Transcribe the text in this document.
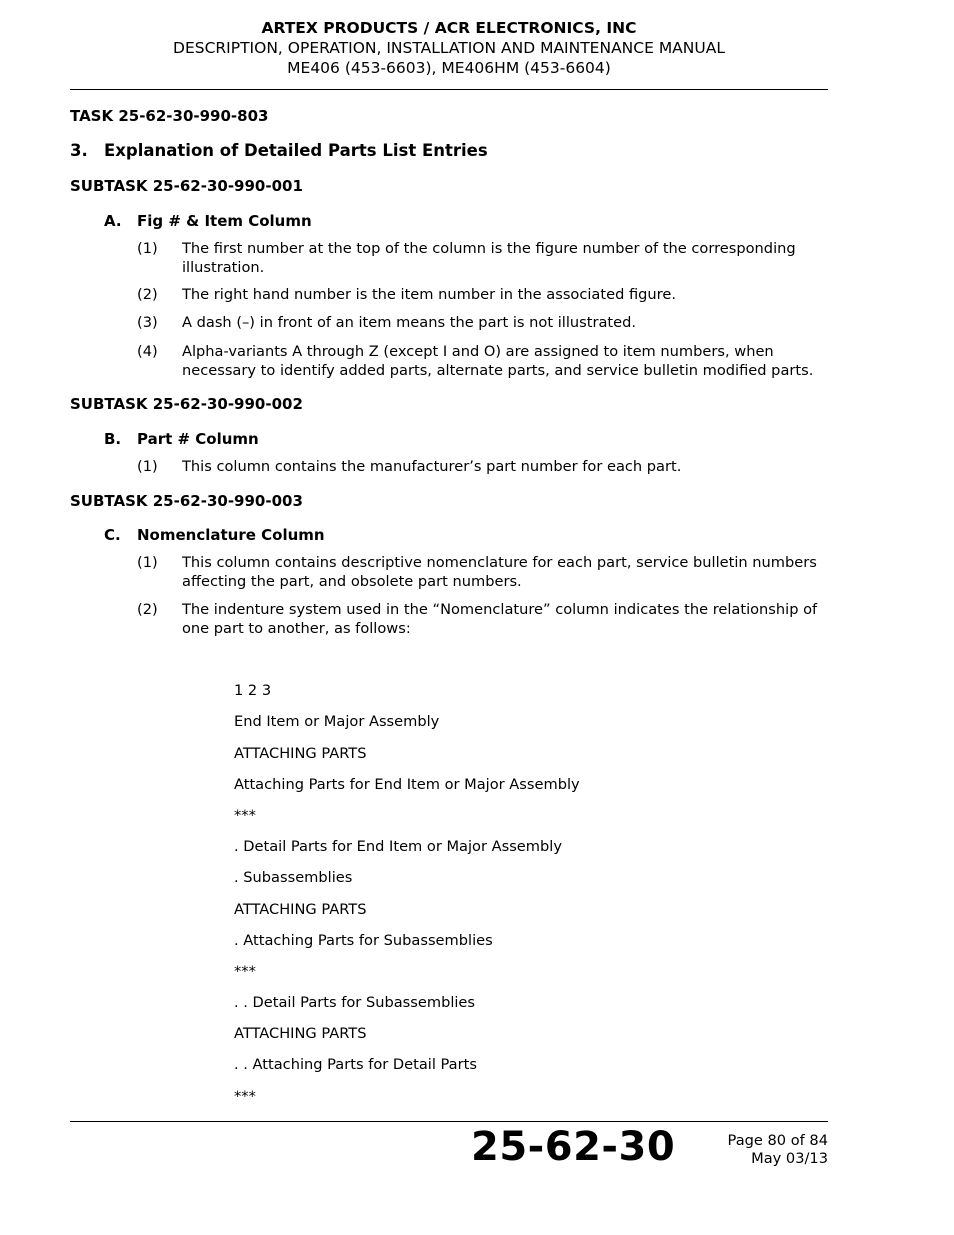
ARTEX PRODUCTS / ACR ELECTRONICS, INC
DESCRIPTION, OPERATION, INSTALLATION AND MAINTENANCE MANUAL
ME406 (453-6603), ME406HM (453-6604)
TASK 25-62-30-990-803
3. Explanation of Detailed Parts List Entries
SUBTASK 25-62-30-990-001
A. Fig # & Item Column
(1) The first number at the top of the column is the figure number of the corresponding illustration.
(2) The right hand number is the item number in the associated figure.
(3) A dash (–) in front of an item means the part is not illustrated.
(4) Alpha-variants A through Z (except I and O) are assigned to item numbers, when necessary to identify added parts, alternate parts, and service bulletin modified parts.
SUBTASK 25-62-30-990-002
B. Part # Column
(1) This column contains the manufacturer’s part number for each part.
SUBTASK 25-62-30-990-003
C. Nomenclature Column
(1) This column contains descriptive nomenclature for each part, service bulletin numbers affecting the part, and obsolete part numbers.
(2) The indenture system used in the “Nomenclature” column indicates the relationship of one part to another, as follows:
1 2 3
End Item or Major Assembly
ATTACHING PARTS
Attaching Parts for End Item or Major Assembly
***
. Detail Parts for End Item or Major Assembly
. Subassemblies
ATTACHING PARTS
. Attaching Parts for Subassemblies
***
. . Detail Parts for Subassemblies
ATTACHING PARTS
. . Attaching Parts for Detail Parts
***
25-62-30	Page 80 of 84
May 03/13
